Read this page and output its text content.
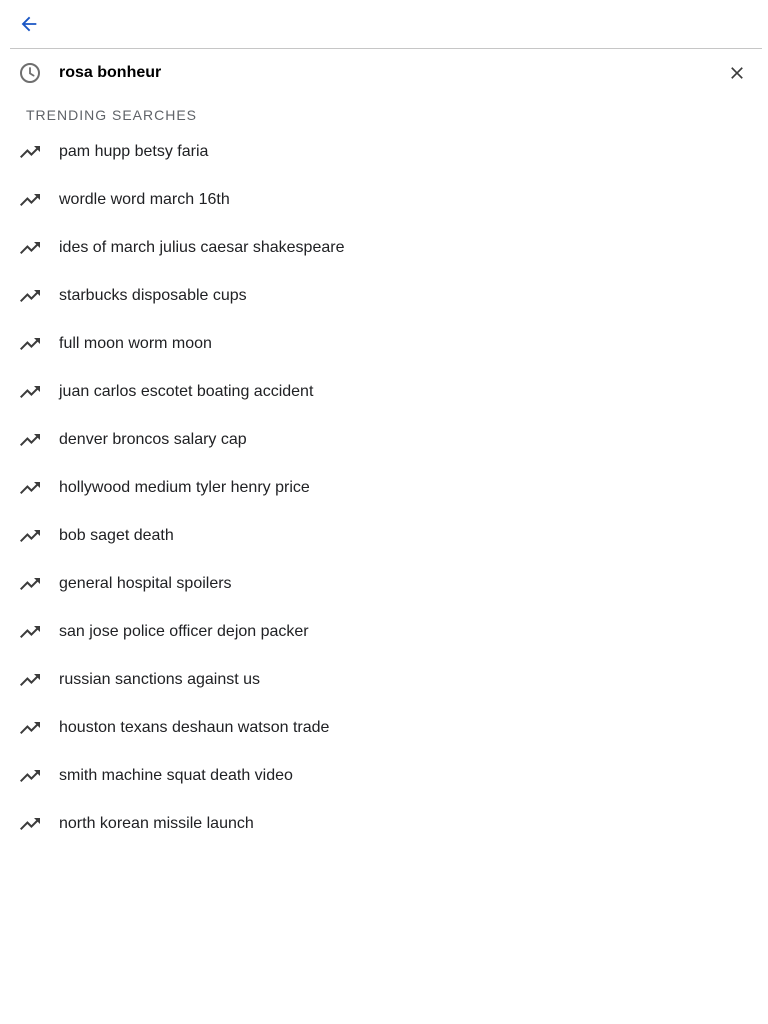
rosa bonheur
TRENDING SEARCHES
pam hupp betsy faria
wordle word march 16th
ides of march julius caesar shakespeare
starbucks disposable cups
full moon worm moon
juan carlos escotet boating accident
denver broncos salary cap
hollywood medium tyler henry price
bob saget death
general hospital spoilers
san jose police officer dejon packer
russian sanctions against us
houston texans deshaun watson trade
smith machine squat death video
north korean missile launch
